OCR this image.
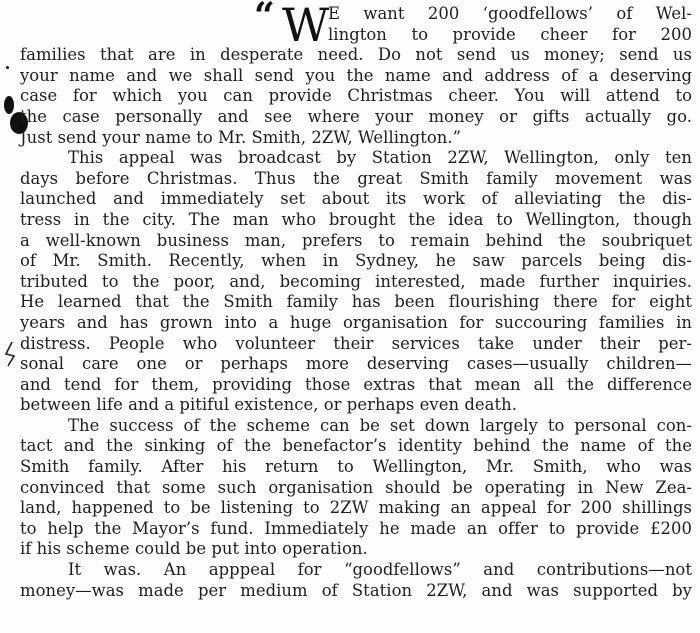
“ W
E want 200 ‘goodfellows’ of Wel-
lington to provide cheer for 200
families that are in desperate need. Do not send us money; send us
your name and we shall send you the name and address of a deserving
case for which you can provide Christmas cheer. You will attend to
the case personally and see where your money or gifts actually go.
Just send your name to Mr. Smith, 2ZW, Wellington.”
This appeal was broadcast by Station 2ZW, Wellington, only ten
days before Christmas. Thus the great Smith family movement was
launched and immediately set about its work of alleviating the dis-
tress in the city. The man who brought the idea to Wellington, though
a well-known business man, prefers to remain behind the soubriquet
of Mr. Smith. Recently, when in Sydney, he saw parcels being dis-
tributed to the poor, and, becoming interested, made further inquiries.
He learned that the Smith family has been flourishing there for eight
years and has grown into a huge organisation for succouring families in
distress. People who volunteer their services take under their per-
sonal care one or perhaps more deserving cases—usually children—
and tend for them, providing those extras that mean all the difference
between life and a pitiful existence, or perhaps even death.
The success of the scheme can be set down largely to personal con-
tact and the sinking of the benefactor’s identity behind the name of the
Smith family. After his return to Wellington, Mr. Smith, who was
convinced that some such organisation should be operating in New Zea-
land, happened to be listening to 2ZW making an appeal for 200 shillings
to help the Mayor’s fund. Immediately he made an offer to provide £200
if his scheme could be put into operation.
It was. An apppeal for “goodfellows” and contributions—not
money—was made per medium of Station 2ZW, and was supported by
